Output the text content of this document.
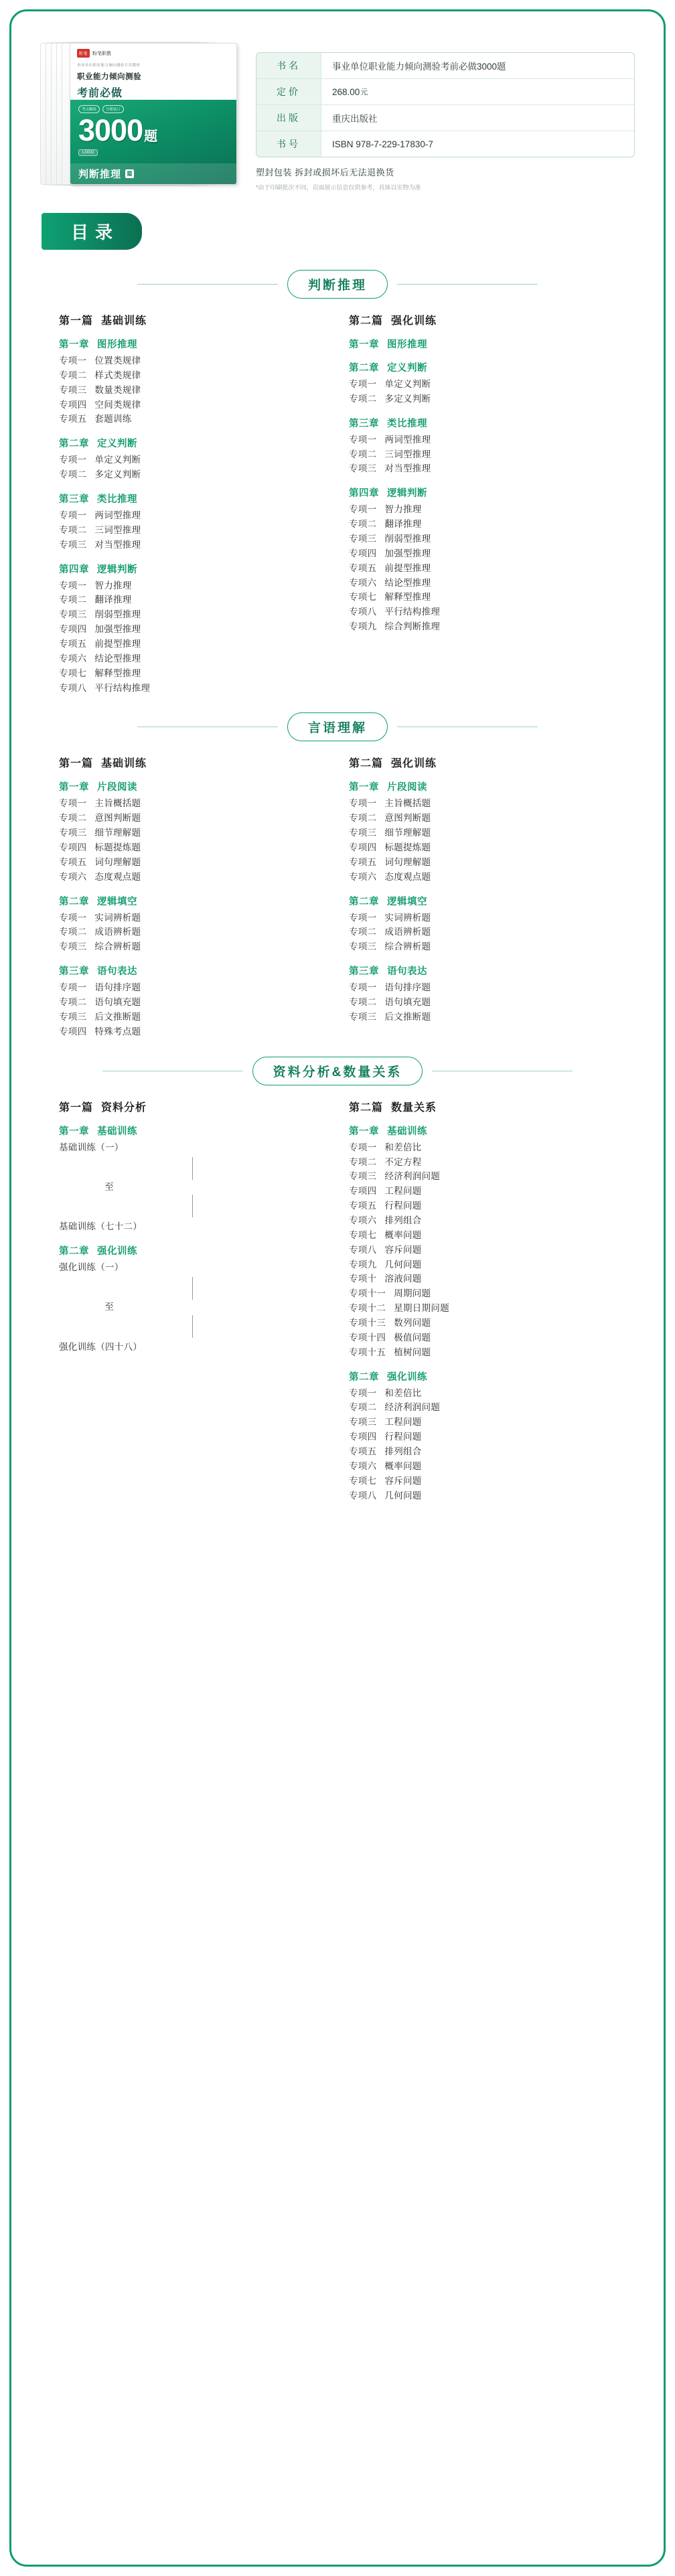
粉笔	粉笔职教
事业单位职业能力倾向测验专用教材
职业能力倾向测验
考前必做
考点精练	分册装订
3000 题
LOGO
判断推理	篇
书名	事业单位职业能力倾向测验考前必做3000题
定价	268.00 元
出版	重庆出版社
书号	ISBN 978-7-229-17830-7
塑封包装 拆封或损坏后无法退换货
*由于印刷批次不同，页面展示信息仅供参考，具体以实物为准
目录
判断推理
第一篇 基础训练
第一章 图形推理
专项一 位置类规律
专项二 样式类规律
专项三 数量类规律
专项四 空间类规律
专项五 套题训练
第二章 定义判断
专项一 单定义判断
专项二 多定义判断
第三章 类比推理
专项一 两词型推理
专项二 三词型推理
专项三 对当型推理
第四章 逻辑判断
专项一 智力推理
专项二 翻译推理
专项三 削弱型推理
专项四 加强型推理
专项五 前提型推理
专项六 结论型推理
专项七 解释型推理
专项八 平行结构推理
第二篇 强化训练
第一章 图形推理
第二章 定义判断
专项一 单定义判断
专项二 多定义判断
第三章 类比推理
专项一 两词型推理
专项二 三词型推理
专项三 对当型推理
第四章 逻辑判断
专项一 智力推理
专项二 翻译推理
专项三 削弱型推理
专项四 加强型推理
专项五 前提型推理
专项六 结论型推理
专项七 解释型推理
专项八 平行结构推理
专项九 综合判断推理
言语理解
第一篇 基础训练
第一章 片段阅读
专项一 主旨概括题
专项二 意图判断题
专项三 细节理解题
专项四 标题提炼题
专项五 词句理解题
专项六 态度观点题
第二章 逻辑填空
专项一 实词辨析题
专项二 成语辨析题
专项三 综合辨析题
第三章 语句表达
专项一 语句排序题
专项二 语句填充题
专项三 后文推断题
专项四 特殊考点题
第二篇 强化训练
第一章 片段阅读
专项一 主旨概括题
专项二 意图判断题
专项三 细节理解题
专项四 标题提炼题
专项五 词句理解题
专项六 态度观点题
第二章 逻辑填空
专项一 实词辨析题
专项二 成语辨析题
专项三 综合辨析题
第三章 语句表达
专项一 语句排序题
专项二 语句填充题
专项三 后文推断题
资料分析&数量关系
第一篇 资料分析
第一章 基础训练
基础训练（一）
至
基础训练（七十二）
第二章 强化训练
强化训练（一）
至
强化训练（四十八）
第二篇 数量关系
第一章 基础训练
专项一 和差倍比
专项二 不定方程
专项三 经济利润问题
专项四 工程问题
专项五 行程问题
专项六 排列组合
专项七 概率问题
专项八 容斥问题
专项九 几何问题
专项十 溶液问题
专项十一 周期问题
专项十二 星期日期问题
专项十三 数列问题
专项十四 极值问题
专项十五 植树问题
第二章 强化训练
专项一 和差倍比
专项二 经济利润问题
专项三 工程问题
专项四 行程问题
专项五 排列组合
专项六 概率问题
专项七 容斥问题
专项八 几何问题
